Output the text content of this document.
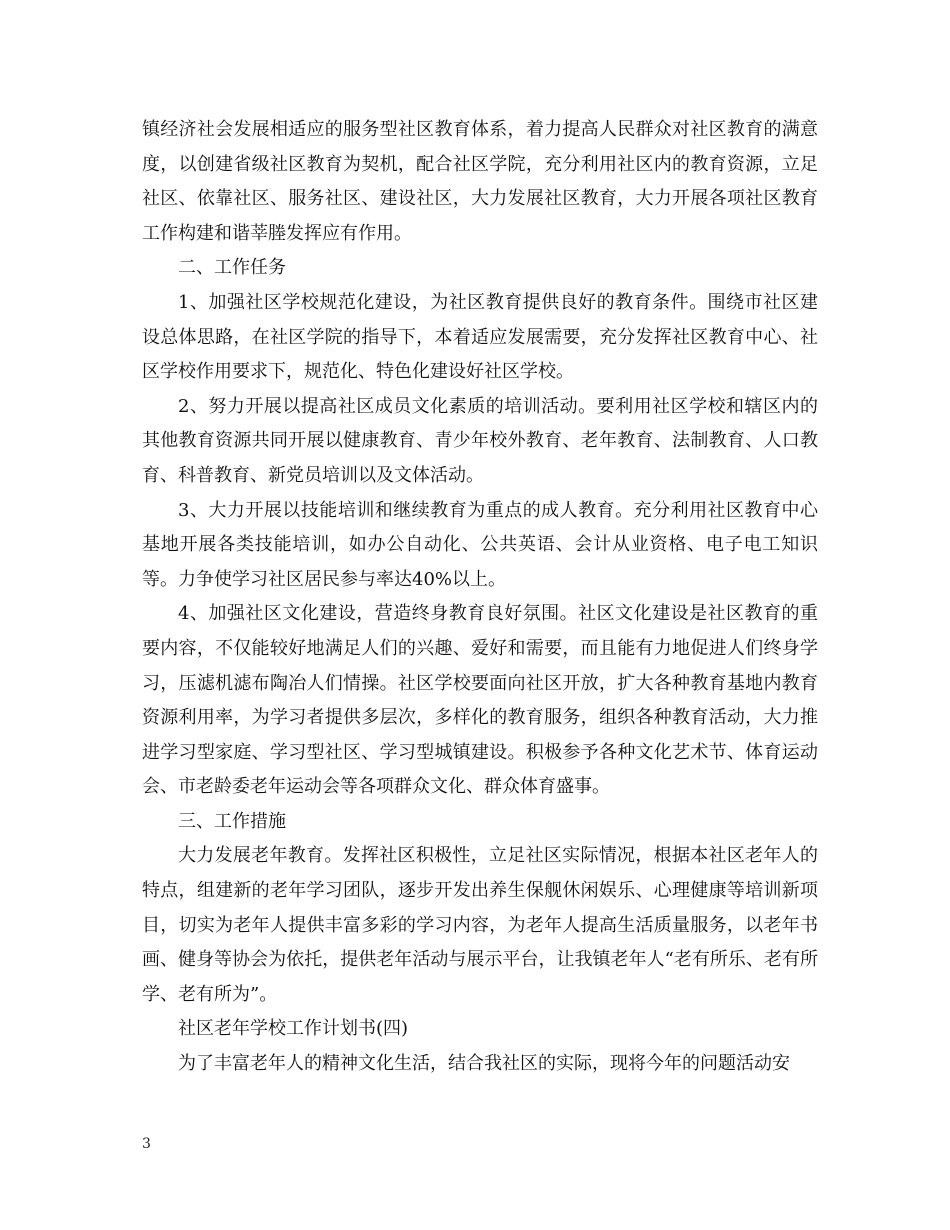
镇经济社会发展相适应的服务型社区教育体系，着力提高人民群众对社区教育的满意度，以创建省级社区教育为契机，配合社区学院，充分利用社区内的教育资源，立足社区、依靠社区、服务社区、建设社区，大力发展社区教育，大力开展各项社区教育工作构建和谐莘塍发挥应有作用。

二、工作任务

1、加强社区学校规范化建设，为社区教育提供良好的教育条件。围绕市社区建设总体思路，在社区学院的指导下，本着适应发展需要，充分发挥社区教育中心、社区学校作用要求下，规范化、特色化建设好社区学校。

2、努力开展以提高社区成员文化素质的培训活动。要利用社区学校和辖区内的其他教育资源共同开展以健康教育、青少年校外教育、老年教育、法制教育、人口教育、科普教育、新党员培训以及文体活动。

3、大力开展以技能培训和继续教育为重点的成人教育。充分利用社区教育中心基地开展各类技能培训，如办公自动化、公共英语、会计从业资格、电子电工知识等。力争使学习社区居民参与率达40%以上。

4、加强社区文化建设，营造终身教育良好氛围。社区文化建设是社区教育的重要内容，不仅能较好地满足人们的兴趣、爱好和需要，而且能有力地促进人们终身学习，压滤机滤布陶冶人们情操。社区学校要面向社区开放，扩大各种教育基地内教育资源利用率，为学习者提供多层次，多样化的教育服务，组织各种教育活动，大力推进学习型家庭、学习型社区、学习型城镇建设。积极参予各种文化艺术节、体育运动会、市老龄委老年运动会等各项群众文化、群众体育盛事。

三、工作措施

大力发展老年教育。发挥社区积极性，立足社区实际情况，根据本社区老年人的特点，组建新的老年学习团队，逐步开发出养生保舰休闲娱乐、心理健康等培训新项目，切实为老年人提供丰富多彩的学习内容，为老年人提高生活质量服务，以老年书画、健身等协会为依托，提供老年活动与展示平台，让我镇老年人“老有所乐、老有所学、老有所为”。

社区老年学校工作计划书(四)

为了丰富老年人的精神文化生活，结合我社区的实际，现将今年的问题活动安

3
